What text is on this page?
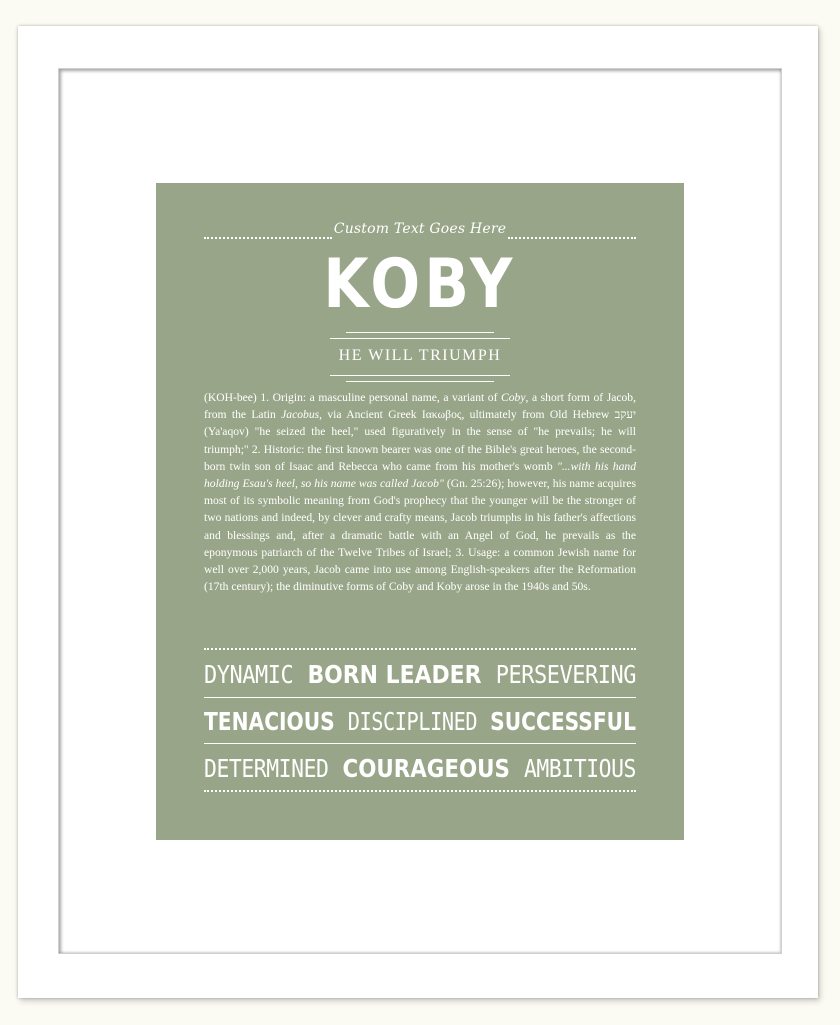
Custom Text Goes Here
KOBY
HE WILL TRIUMPH
(KOH-bee) 1. Origin: a masculine personal name, a variant of Coby, a short form of Jacob, from the Latin Jacobus, via Ancient Greek Ιακωβος, ultimately from Old Hebrew יעקב (Ya'aqov) "he seized the heel," used figuratively in the sense of "he prevails; he will triumph;" 2. Historic: the first known bearer was one of the Bible's great heroes, the second-born twin son of Isaac and Rebecca who came from his mother's womb "...with his hand holding Esau's heel, so his name was called Jacob" (Gn. 25:26); however, his name acquires most of its symbolic meaning from God's prophecy that the younger will be the stronger of two nations and indeed, by clever and crafty means, Jacob triumphs in his father's affections and blessings and, after a dramatic battle with an Angel of God, he prevails as the eponymous patriarch of the Twelve Tribes of Israel; 3. Usage: a common Jewish name for well over 2,000 years, Jacob came into use among English-speakers after the Reformation (17th century); the diminutive forms of Coby and Koby arose in the 1940s and 50s.
DYNAMIC BORN LEADER PERSEVERING
TENACIOUS DISCIPLINED SUCCESSFUL
DETERMINED COURAGEOUS AMBITIOUS
